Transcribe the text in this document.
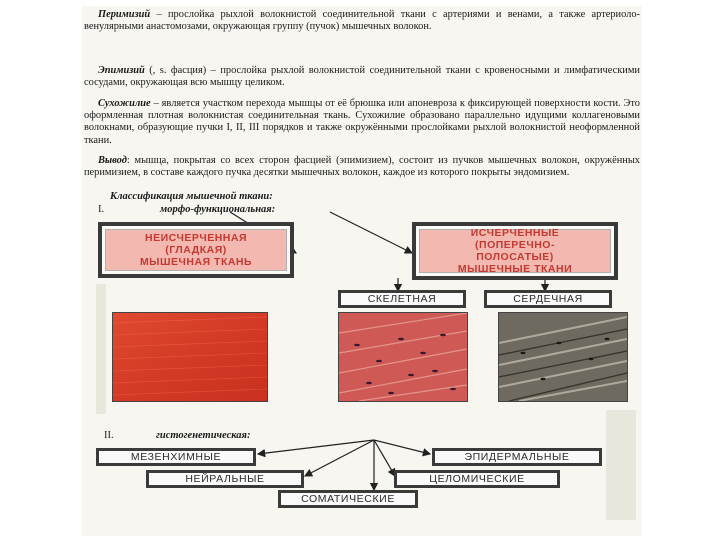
Перимизий – прослойка рыхлой волокнистой соединительной ткани с артериями и венами, а также артериоло-венулярными анастомозами, окружающая группу (пучок) мышечных волокон.

Эпимизий (, s. фасция) – прослойка рыхлой волокнистой соединительной ткани с кровеносными и лимфатическими сосудами, окружающая всю мышцу целиком.

Сухожилие – является участком перехода мышцы от её брюшка или апоневроза к фиксирующей поверхности кости. Это оформленная плотная волокнистая соединительная ткань. Сухожилие образовано параллельно идущими коллагеновыми волокнами, образующие пучки I, II, III порядков и также окружёнными прослойками рыхлой волокнистой неоформленной ткани.

Вывод: мышца, покрытая со всех сторон фасцией (эпимизием), состоит из пучков мышечных волокон, окружённых перимизием, в составе каждого пучка десятки мышечных волокон, каждое из которого покрыты эндомизием.

Классификация мышечной ткани:
I.	морфо-функциональная:
НЕИСЧЕРЧЕННАЯ
(ГЛАДКАЯ)
МЫШЕЧНАЯ ТКАНЬ
ИСЧЕРЧЕННЫЕ
(ПОПЕРЕЧНО-
ПОЛОСАТЫЕ)
МЫШЕЧНЫЕ ТКАНИ
СКЕЛЕТНАЯ	СЕРДЕЧНАЯ
II.	гистогенетическая:
МЕЗЕНХИМНЫЕ	ЭПИДЕРМАЛЬНЫЕ
НЕЙРАЛЬНЫЕ	ЦЕЛОМИЧЕСКИЕ
СОМАТИЧЕСКИЕ
